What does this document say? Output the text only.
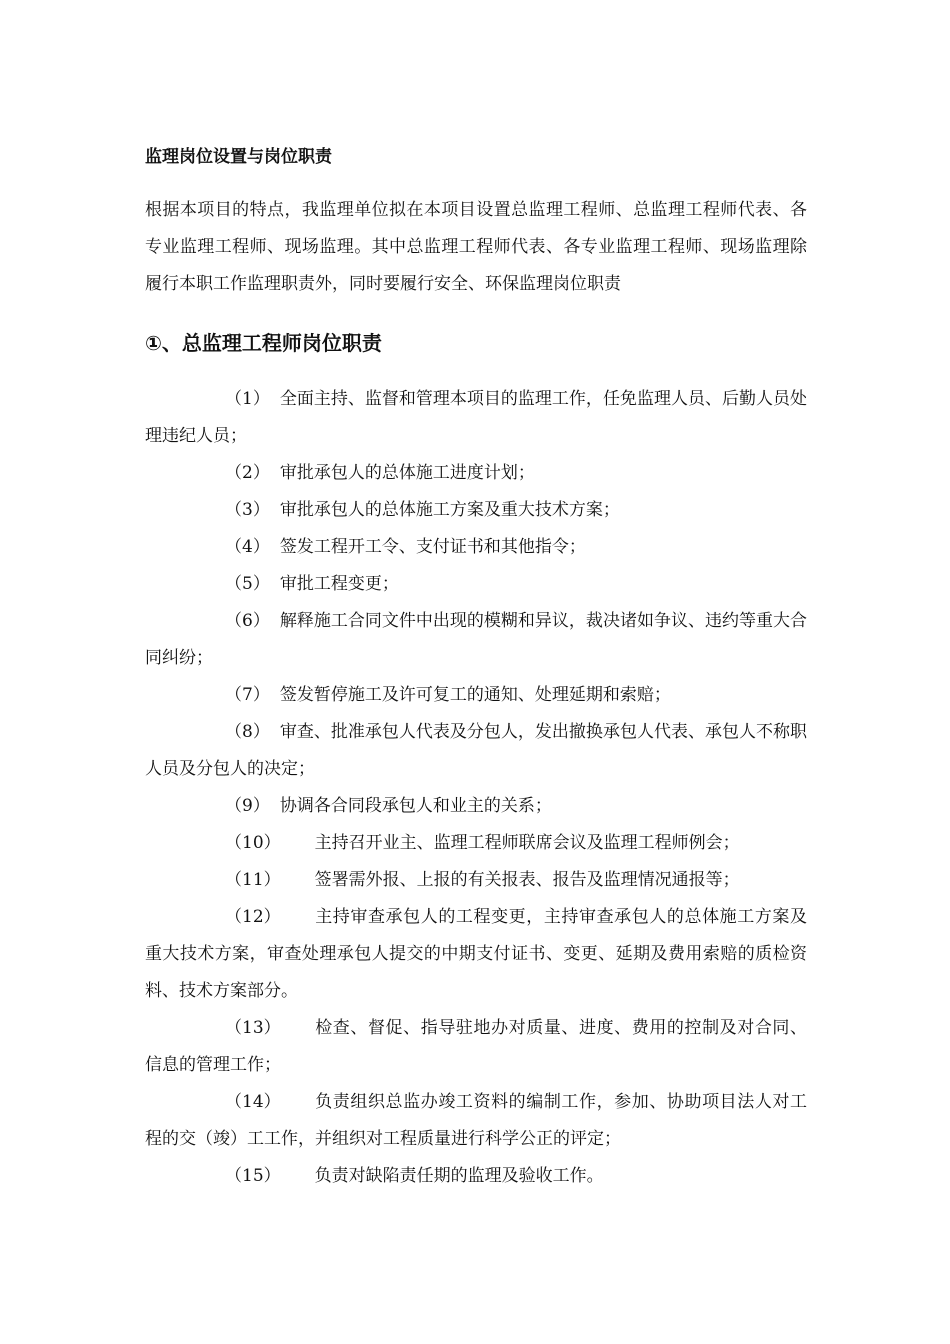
监理岗位设置与岗位职责

根据本项目的特点，我监理单位拟在本项目设置总监理工程师、总监理工程师代表、各专业监理工程师、现场监理。其中总监理工程师代表、各专业监理工程师、现场监理除履行本职工作监理职责外，同时要履行安全、环保监理岗位职责

①、总监理工程师岗位职责
（1） 全面主持、监督和管理本项目的监理工作，任免监理人员、后勤人员处理违纪人员；
（2） 审批承包人的总体施工进度计划；
（3） 审批承包人的总体施工方案及重大技术方案；
（4） 签发工程开工令、支付证书和其他指令；
（5） 审批工程变更；
（6） 解释施工合同文件中出现的模糊和异议，裁决诸如争议、违约等重大合同纠纷；
（7） 签发暂停施工及许可复工的通知、处理延期和索赔；
（8） 审查、批准承包人代表及分包人，发出撤换承包人代表、承包人不称职人员及分包人的决定；
（9） 协调各合同段承包人和业主的关系；
（10） 主持召开业主、监理工程师联席会议及监理工程师例会；
（11） 签署需外报、上报的有关报表、报告及监理情况通报等；
（12） 主持审查承包人的工程变更，主持审查承包人的总体施工方案及重大技术方案，审查处理承包人提交的中期支付证书、变更、延期及费用索赔的质检资料、技术方案部分。
（13） 检查、督促、指导驻地办对质量、进度、费用的控制及对合同、信息的管理工作；
（14） 负责组织总监办竣工资料的编制工作，参加、协助项目法人对工程的交（竣）工工作，并组织对工程质量进行科学公正的评定；
（15） 负责对缺陷责任期的监理及验收工作。
